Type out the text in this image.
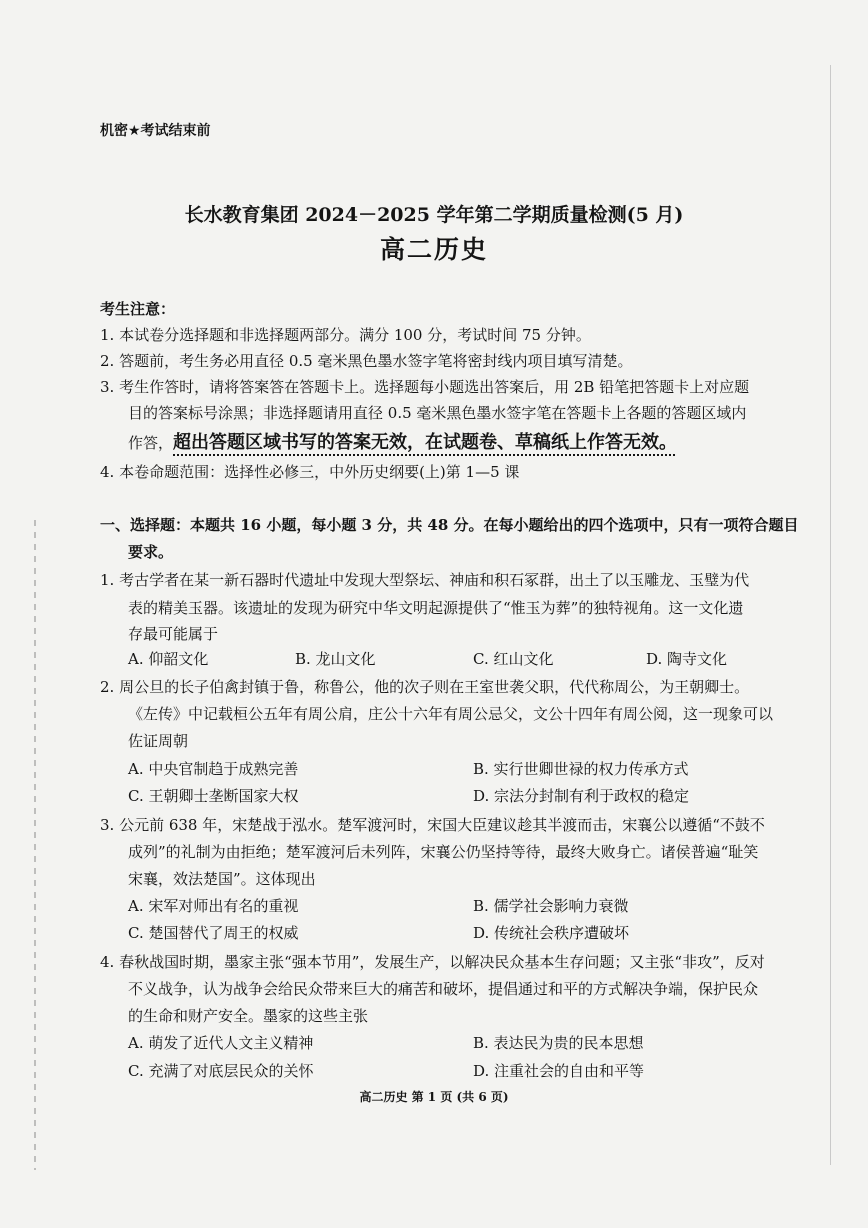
机密★考试结束前
长水教育集团 2024－2025 学年第二学期质量检测(5 月)
高二历史
考生注意：
1. 本试卷分选择题和非选择题两部分。满分 100 分，考试时间 75 分钟。
2. 答题前，考生务必用直径 0.5 毫米黑色墨水签字笔将密封线内项目填写清楚。
3. 考生作答时，请将答案答在答题卡上。选择题每小题选出答案后，用 2B 铅笔把答题卡上对应题
目的答案标号涂黑；非选择题请用直径 0.5 毫米黑色墨水签字笔在答题卡上各题的答题区域内
作答，超出答题区域书写的答案无效，在试题卷、草稿纸上作答无效。
4. 本卷命题范围：选择性必修三，中外历史纲要(上)第 1—5 课
一、选择题：本题共 16 小题，每小题 3 分，共 48 分。在每小题给出的四个选项中，只有一项符合题目
要求。
1. 考古学者在某一新石器时代遗址中发现大型祭坛、神庙和积石冢群，出土了以玉雕龙、玉璧为代
表的精美玉器。该遗址的发现为研究中华文明起源提供了“惟玉为葬”的独特视角。这一文化遗
存最可能属于
A. 仰韶文化	B. 龙山文化	C. 红山文化	D. 陶寺文化
2. 周公旦的长子伯禽封镇于鲁，称鲁公，他的次子则在王室世袭父职，代代称周公，为王朝卿士。
《左传》中记载桓公五年有周公肩，庄公十六年有周公忌父，文公十四年有周公阅，这一现象可以
佐证周朝
A. 中央官制趋于成熟完善	B. 实行世卿世禄的权力传承方式
C. 王朝卿士垄断国家大权	D. 宗法分封制有利于政权的稳定
3. 公元前 638 年，宋楚战于泓水。楚军渡河时，宋国大臣建议趁其半渡而击，宋襄公以遵循“不鼓不
成列”的礼制为由拒绝；楚军渡河后未列阵，宋襄公仍坚持等待，最终大败身亡。诸侯普遍“耻笑
宋襄，效法楚国”。这体现出
A. 宋军对师出有名的重视	B. 儒学社会影响力衰微
C. 楚国替代了周王的权威	D. 传统社会秩序遭破坏
4. 春秋战国时期，墨家主张“强本节用”，发展生产，以解决民众基本生存问题；又主张“非攻”，反对
不义战争，认为战争会给民众带来巨大的痛苦和破坏，提倡通过和平的方式解决争端，保护民众
的生命和财产安全。墨家的这些主张
A. 萌发了近代人文主义精神	B. 表达民为贵的民本思想
C. 充满了对底层民众的关怀	D. 注重社会的自由和平等
高二历史 第 1 页 (共 6 页)
